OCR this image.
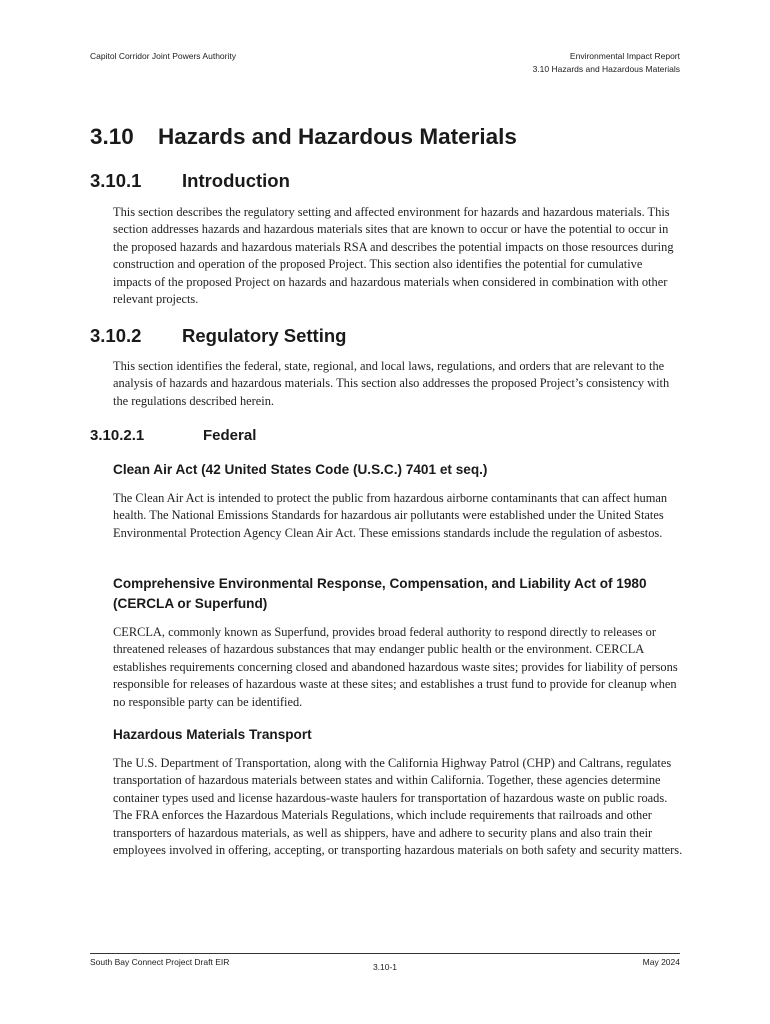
Capitol Corridor Joint Powers Authority	Environmental Impact Report
3.10 Hazards and Hazardous Materials
3.10 Hazards and Hazardous Materials
3.10.1 Introduction

This section describes the regulatory setting and affected environment for hazards and hazardous materials. This section addresses hazards and hazardous materials sites that are known to occur or have the potential to occur in the proposed hazards and hazardous materials RSA and describes the potential impacts on those resources during construction and operation of the proposed Project. This section also identifies the potential for cumulative impacts of the proposed Project on hazards and hazardous materials when considered in combination with other relevant projects.

3.10.2 Regulatory Setting

This section identifies the federal, state, regional, and local laws, regulations, and orders that are relevant to the analysis of hazards and hazardous materials. This section also addresses the proposed Project’s consistency with the regulations described herein.

3.10.2.1	Federal
Clean Air Act (42 United States Code (U.S.C.) 7401 et seq.)

The Clean Air Act is intended to protect the public from hazardous airborne contaminants that can affect human health. The National Emissions Standards for hazardous air pollutants were established under the United States Environmental Protection Agency Clean Air Act. These emissions standards include the regulation of asbestos.

Comprehensive Environmental Response, Compensation, and Liability Act of 1980 (CERCLA or Superfund)

CERCLA, commonly known as Superfund, provides broad federal authority to respond directly to releases or threatened releases of hazardous substances that may endanger public health or the environment. CERCLA establishes requirements concerning closed and abandoned hazardous waste sites; provides for liability of persons responsible for releases of hazardous waste at these sites; and establishes a trust fund to provide for cleanup when no responsible party can be identified.

Hazardous Materials Transport

The U.S. Department of Transportation, along with the California Highway Patrol (CHP) and Caltrans, regulates transportation of hazardous materials between states and within California. Together, these agencies determine container types used and license hazardous-waste haulers for transportation of hazardous waste on public roads. The FRA enforces the Hazardous Materials Regulations, which include requirements that railroads and other transporters of hazardous materials, as well as shippers, have and adhere to security plans and also train their employees involved in offering, accepting, or transporting hazardous materials on both safety and security matters.

South Bay Connect Project Draft EIR	3.10-1	May 2024
